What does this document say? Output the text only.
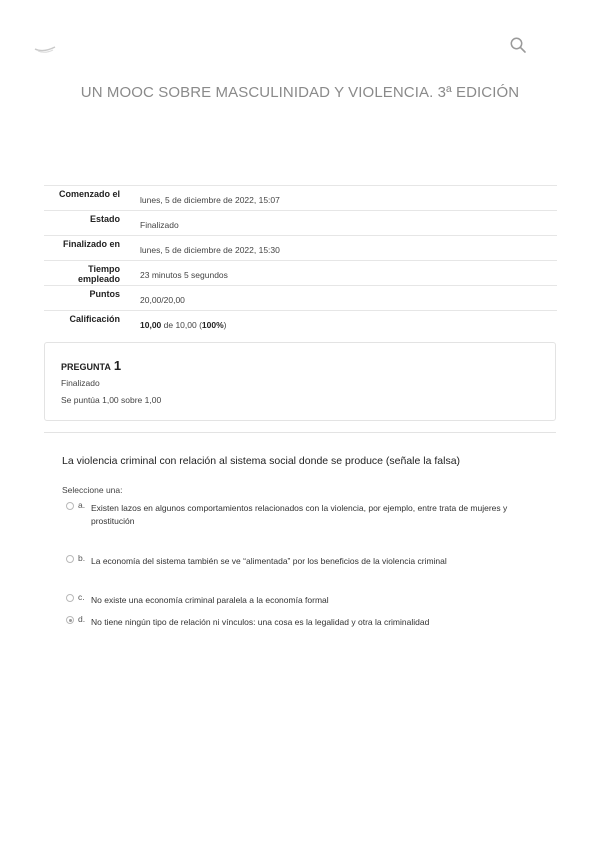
UN MOOC SOBRE MASCULINIDAD Y VIOLENCIA. 3ª EDICIÓN
Comenzado el
lunes, 5 de diciembre de 2022, 15:07
Estado
Finalizado
Finalizado en
lunes, 5 de diciembre de 2022, 15:30
Tiempo empleado 23 minutos 5 segundos
Puntos
20,00/20,00
Calificación
10,00 de 10,00 (100%)
PREGUNTA 1
Finalizado
Se puntúa 1,00 sobre 1,00
La violencia criminal con relación al sistema social donde se produce (señale la falsa)
Seleccione una:
a. Existen lazos en algunos comportamientos relacionados con la violencia, por ejemplo, entre trata de mujeres y prostitución
b. La economía del sistema también se ve “alimentada” por los beneficios de la violencia criminal
c. No existe una economía criminal paralela a la economía formal
d. No tiene ningún tipo de relación ni vínculos: una cosa es la legalidad y otra la criminalidad
